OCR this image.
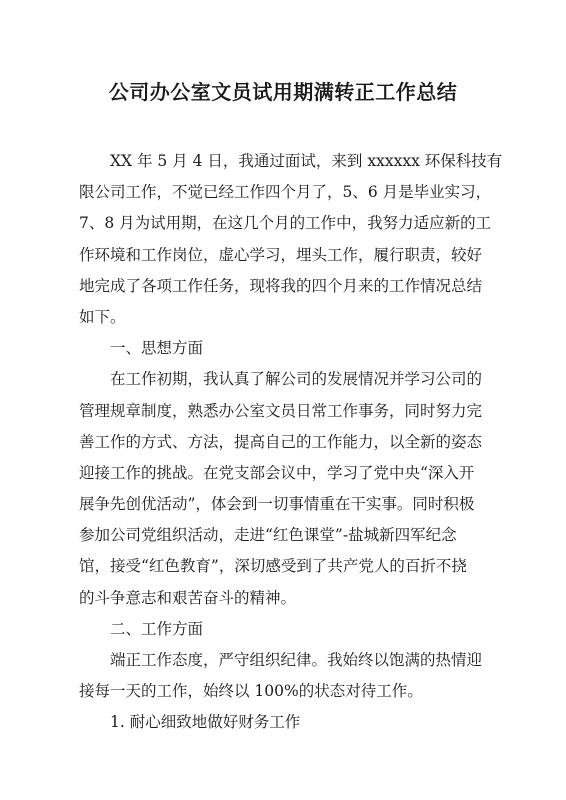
公司办公室文员试用期满转正工作总结
XX 年 5 月 4 日，我通过面试，来到 xxxxxx 环保科技有
限公司工作，不觉已经工作四个月了，5、6 月是毕业实习，
7、8 月为试用期，在这几个月的工作中，我努力适应新的工
作环境和工作岗位，虚心学习，埋头工作，履行职责，较好
地完成了各项工作任务，现将我的四个月来的工作情况总结
如下。
一、思想方面
在工作初期，我认真了解公司的发展情况并学习公司的
管理规章制度，熟悉办公室文员日常工作事务，同时努力完
善工作的方式、方法，提高自己的工作能力，以全新的姿态
迎接工作的挑战。在党支部会议中，学习了党中央“深入开
展争先创优活动”，体会到一切事情重在干实事。同时积极
参加公司党组织活动，走进“红色课堂”-盐城新四军纪念
馆，接受“红色教育”，深切感受到了共产党人的百折不挠
的斗争意志和艰苦奋斗的精神。
二、工作方面
端正工作态度，严守组织纪律。我始终以饱满的热情迎
接每一天的工作，始终以 100%的状态对待工作。
1. 耐心细致地做好财务工作
